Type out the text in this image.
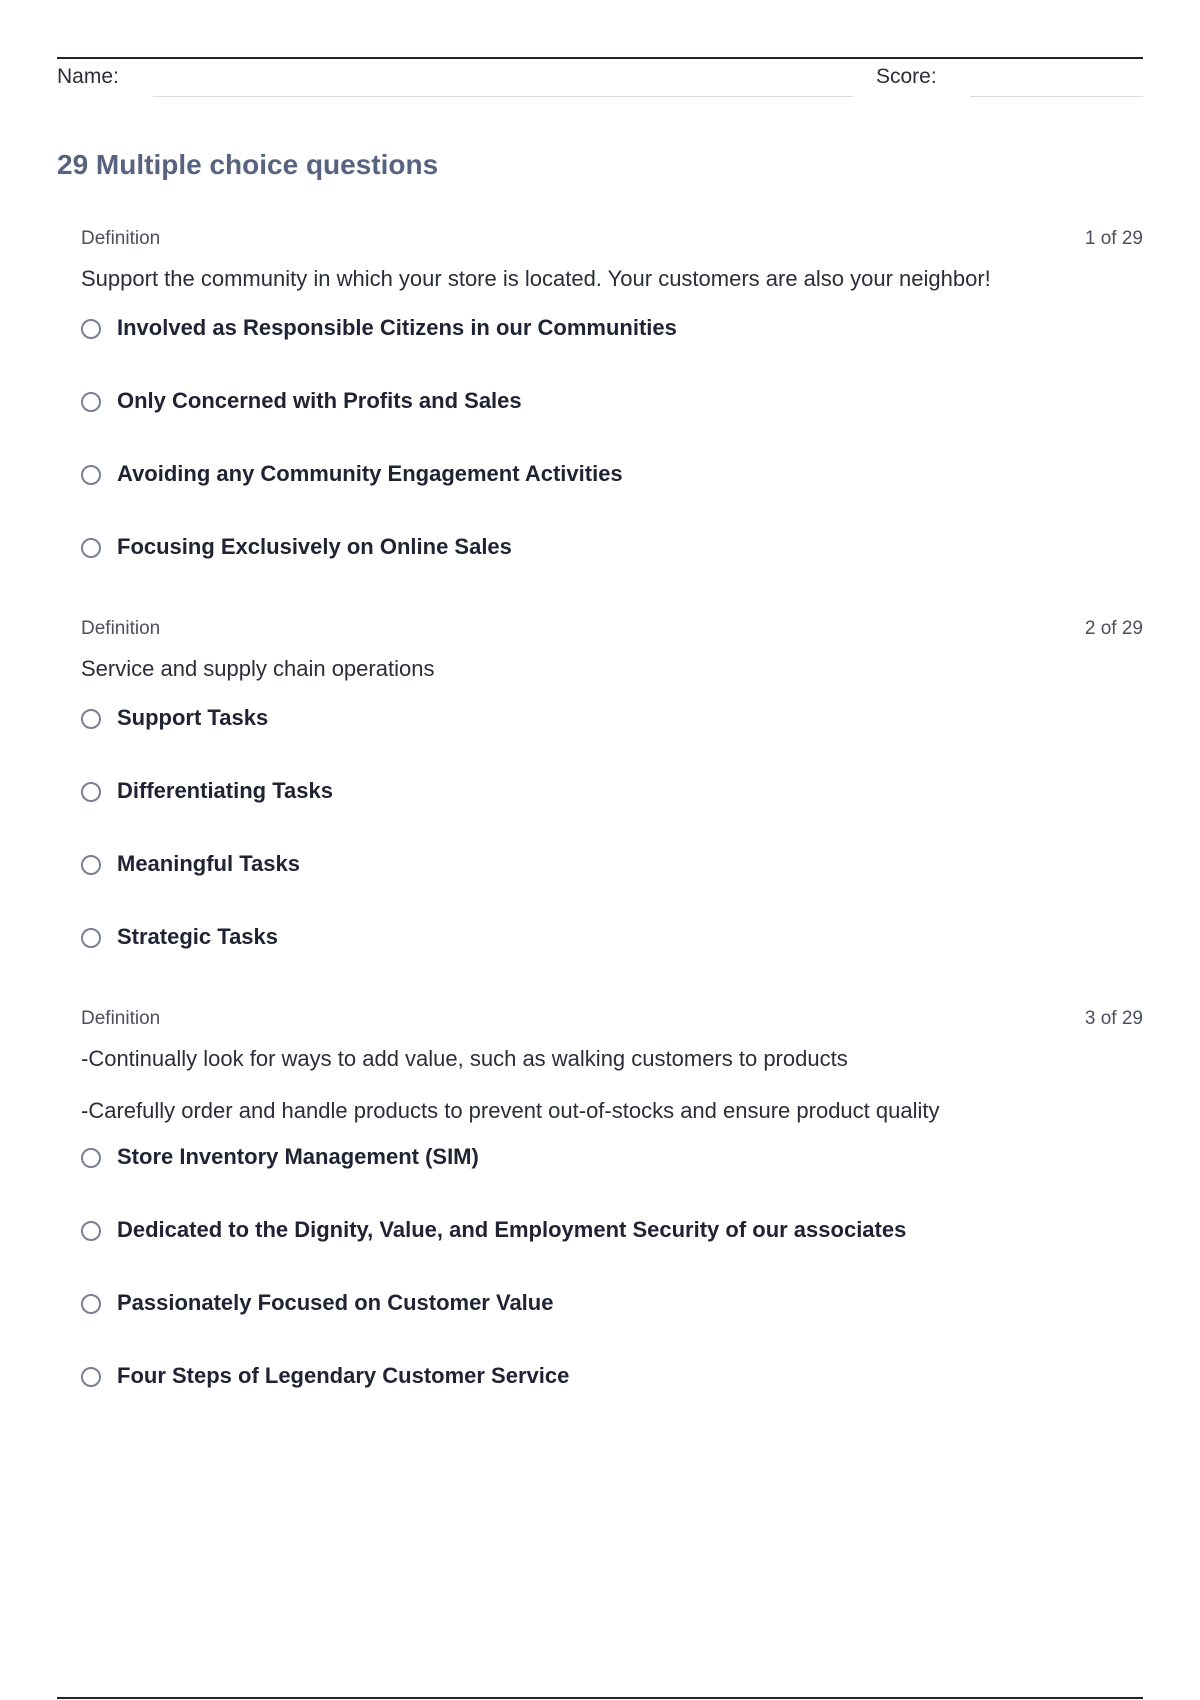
Name:	Score:
29 Multiple choice questions
Definition	1 of 29
Support the community in which your store is located. Your customers are also your neighbor!
Involved as Responsible Citizens in our Communities
Only Concerned with Profits and Sales
Avoiding any Community Engagement Activities
Focusing Exclusively on Online Sales
Definition	2 of 29
Service and supply chain operations
Support Tasks
Differentiating Tasks
Meaningful Tasks
Strategic Tasks
Definition	3 of 29
-Continually look for ways to add value, such as walking customers to products
-Carefully order and handle products to prevent out-of-stocks and ensure product quality
Store Inventory Management (SIM)
Dedicated to the Dignity, Value, and Employment Security of our associates
Passionately Focused on Customer Value
Four Steps of Legendary Customer Service
